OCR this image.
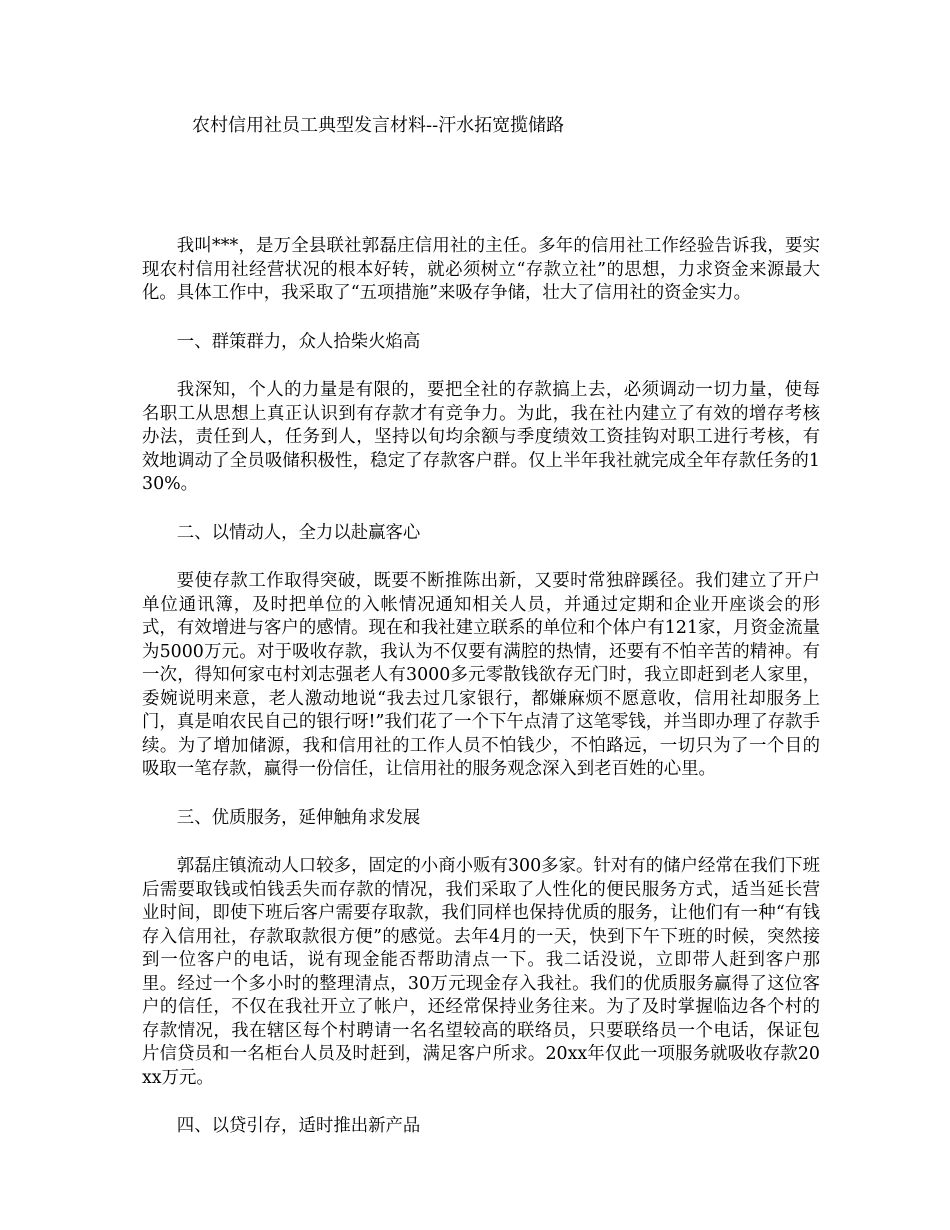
农村信用社员工典型发言材料--汗水拓宽揽储路

我叫***，是万全县联社郭磊庄信用社的主任。多年的信用社工作经验告诉我，要实现农村信用社经营状况的根本好转，就必须树立“存款立社”的思想，力求资金来源最大化。具体工作中，我采取了“五项措施”来吸存争储，壮大了信用社的资金实力。

一、群策群力，众人拾柴火焰高

我深知，个人的力量是有限的，要把全社的存款搞上去，必须调动一切力量，使每名职工从思想上真正认识到有存款才有竞争力。为此，我在社内建立了有效的增存考核办法，责任到人，任务到人，坚持以旬均余额与季度绩效工资挂钩对职工进行考核，有效地调动了全员吸储积极性，稳定了存款客户群。仅上半年我社就完成全年存款任务的130%。

二、以情动人，全力以赴赢客心

要使存款工作取得突破，既要不断推陈出新，又要时常独辟蹊径。我们建立了开户单位通讯簿，及时把单位的入帐情况通知相关人员，并通过定期和企业开座谈会的形式，有效增进与客户的感情。现在和我社建立联系的单位和个体户有121家，月资金流量为5000万元。对于吸收存款，我认为不仅要有满腔的热情，还要有不怕辛苦的精神。有一次，得知何家屯村刘志强老人有3000多元零散钱欲存无门时，我立即赶到老人家里，委婉说明来意，老人激动地说“我去过几家银行，都嫌麻烦不愿意收，信用社却服务上门，真是咱农民自己的银行呀!”我们花了一个下午点清了这笔零钱，并当即办理了存款手续。为了增加储源，我和信用社的工作人员不怕钱少，不怕路远，一切只为了一个目的吸取一笔存款，赢得一份信任，让信用社的服务观念深入到老百姓的心里。

三、优质服务，延伸触角求发展

郭磊庄镇流动人口较多，固定的小商小贩有300多家。针对有的储户经常在我们下班后需要取钱或怕钱丢失而存款的情况，我们采取了人性化的便民服务方式，适当延长营业时间，即使下班后客户需要存取款，我们同样也保持优质的服务，让他们有一种“有钱存入信用社，存款取款很方便”的感觉。去年4月的一天，快到下午下班的时候，突然接到一位客户的电话，说有现金能否帮助清点一下。我二话没说，立即带人赶到客户那里。经过一个多小时的整理清点，30万元现金存入我社。我们的优质服务赢得了这位客户的信任，不仅在我社开立了帐户，还经常保持业务往来。为了及时掌握临边各个村的存款情况，我在辖区每个村聘请一名名望较高的联络员，只要联络员一个电话，保证包片信贷员和一名柜台人员及时赶到，满足客户所求。20xx年仅此一项服务就吸收存款20xx万元。

四、以贷引存，适时推出新产品
